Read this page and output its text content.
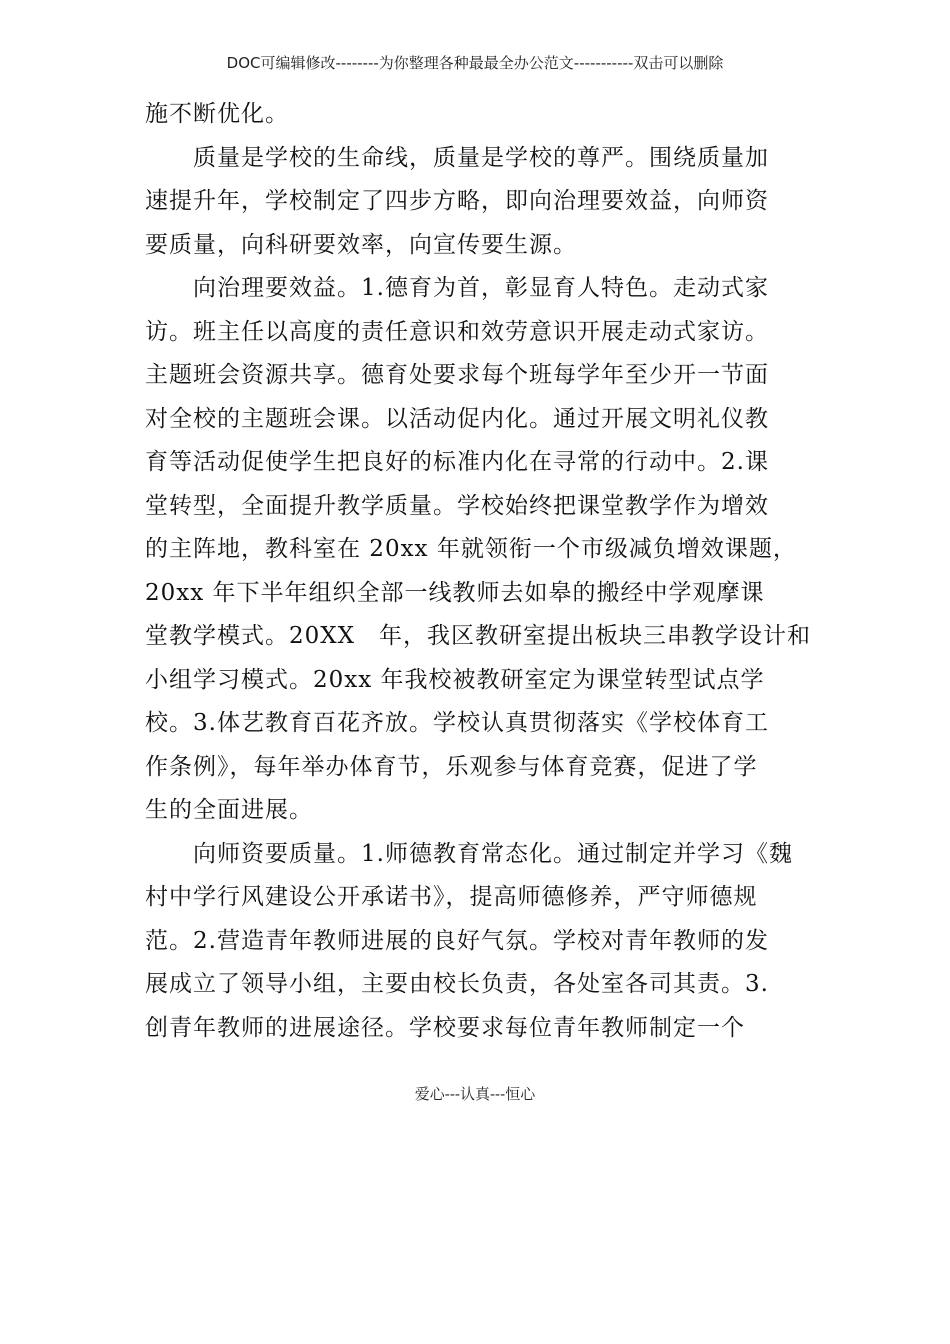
DOC可编辑修改--------为你整理各种最最全办公范文-----------双击可以删除
施不断优化。
　　质量是学校的生命线，质量是学校的尊严。围绕质量加
速提升年，学校制定了四步方略，即向治理要效益，向师资
要质量，向科研要效率，向宣传要生源。
　　向治理要效益。1.德育为首，彰显育人特色。走动式家
访。班主任以高度的责任意识和效劳意识开展走动式家访。
主题班会资源共享。德育处要求每个班每学年至少开一节面
对全校的主题班会课。以活动促内化。通过开展文明礼仪教
育等活动促使学生把良好的标准内化在寻常的行动中。2.课
堂转型，全面提升教学质量。学校始终把课堂教学作为增效
的主阵地，教科室在 20xx 年就领衔一个市级减负增效课题，
20xx 年下半年组织全部一线教师去如皋的搬经中学观摩课
堂教学模式。20XX　年，我区教研室提出板块三串教学设计和
小组学习模式。20xx 年我校被教研室定为课堂转型试点学
校。3.体艺教育百花齐放。学校认真贯彻落实《学校体育工
作条例》，每年举办体育节，乐观参与体育竞赛，促进了学
生的全面进展。
　　向师资要质量。1.师德教育常态化。通过制定并学习《魏
村中学行风建设公开承诺书》，提高师德修养，严守师德规
范。2.营造青年教师进展的良好气氛。学校对青年教师的发
展成立了领导小组，主要由校长负责，各处室各司其责。3.
创青年教师的进展途径。学校要求每位青年教师制定一个
爱心---认真---恒心
